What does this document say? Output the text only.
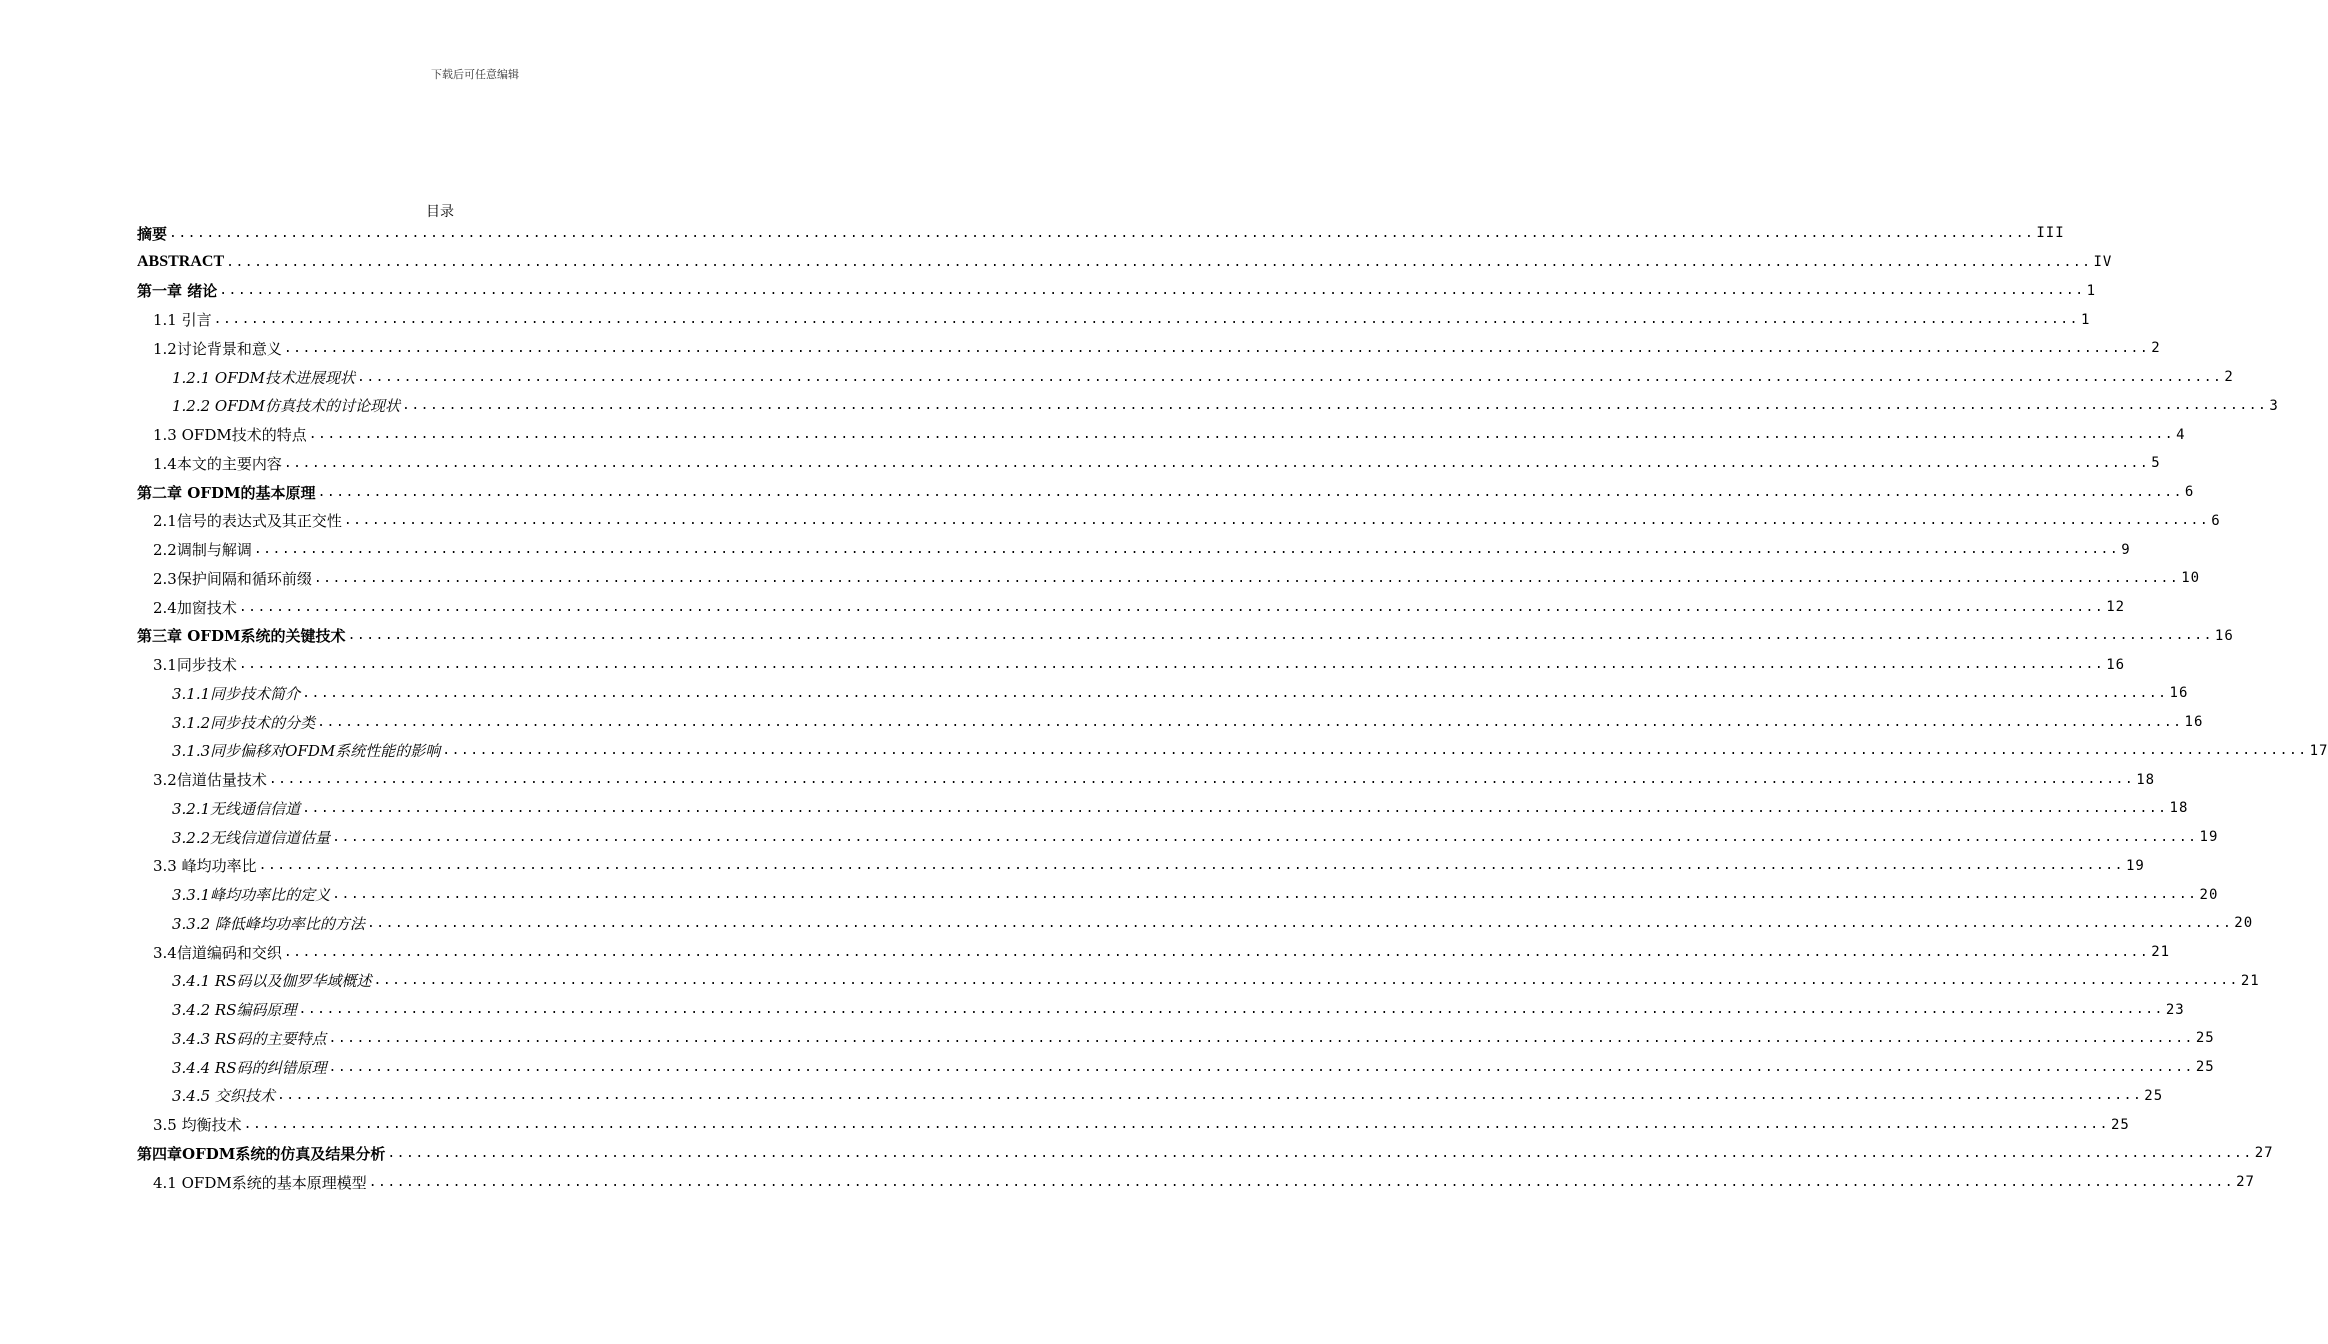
下载后可任意编辑
目录
摘要 ........................................................................................................................................................................................................ III
ABSTRACT ........................................................................................................................................................................................................ IV
第一章 绪论 ........................................................................................................................................................................................................ 1
1.1 引言 ........................................................................................................................................................................................................ 1
1.2讨论背景和意义 ........................................................................................................................................................................................................ 2
1.2.1 OFDM技术进展现状 ........................................................................................................................................................................................................ 2
1.2.2 OFDM仿真技术的讨论现状 ........................................................................................................................................................................................................ 3
1.3 OFDM技术的特点 ........................................................................................................................................................................................................ 4
1.4本文的主要内容 ........................................................................................................................................................................................................ 5
第二章 OFDM的基本原理 ........................................................................................................................................................................................................ 6
2.1信号的表达式及其正交性 ........................................................................................................................................................................................................ 6
2.2调制与解调 ........................................................................................................................................................................................................ 9
2.3保护间隔和循环前缀 ........................................................................................................................................................................................................ 10
2.4加窗技术 ........................................................................................................................................................................................................ 12
第三章 OFDM系统的关键技术 ........................................................................................................................................................................................................ 16
3.1同步技术 ........................................................................................................................................................................................................ 16
3.1.1同步技术简介 ........................................................................................................................................................................................................ 16
3.1.2同步技术的分类 ........................................................................................................................................................................................................ 16
3.1.3同步偏移对OFDM系统性能的影响 ........................................................................................................................................................................................................ 17
3.2信道估量技术 ........................................................................................................................................................................................................ 18
3.2.1无线通信信道 ........................................................................................................................................................................................................ 18
3.2.2无线信道信道估量 ........................................................................................................................................................................................................ 19
3.3 峰均功率比 ........................................................................................................................................................................................................ 19
3.3.1峰均功率比的定义 ........................................................................................................................................................................................................ 20
3.3.2 降低峰均功率比的方法 ........................................................................................................................................................................................................ 20
3.4信道编码和交织 ........................................................................................................................................................................................................ 21
3.4.1 RS码以及伽罗华域概述 ........................................................................................................................................................................................................ 21
3.4.2 RS编码原理 ........................................................................................................................................................................................................ 23
3.4.3 RS码的主要特点 ........................................................................................................................................................................................................ 25
3.4.4 RS码的纠错原理 ........................................................................................................................................................................................................ 25
3.4.5 交织技术 ........................................................................................................................................................................................................ 25
3.5 均衡技术 ........................................................................................................................................................................................................ 25
第四章OFDM系统的仿真及结果分析 ........................................................................................................................................................................................................ 27
4.1 OFDM系统的基本原理模型 ........................................................................................................................................................................................................ 27
